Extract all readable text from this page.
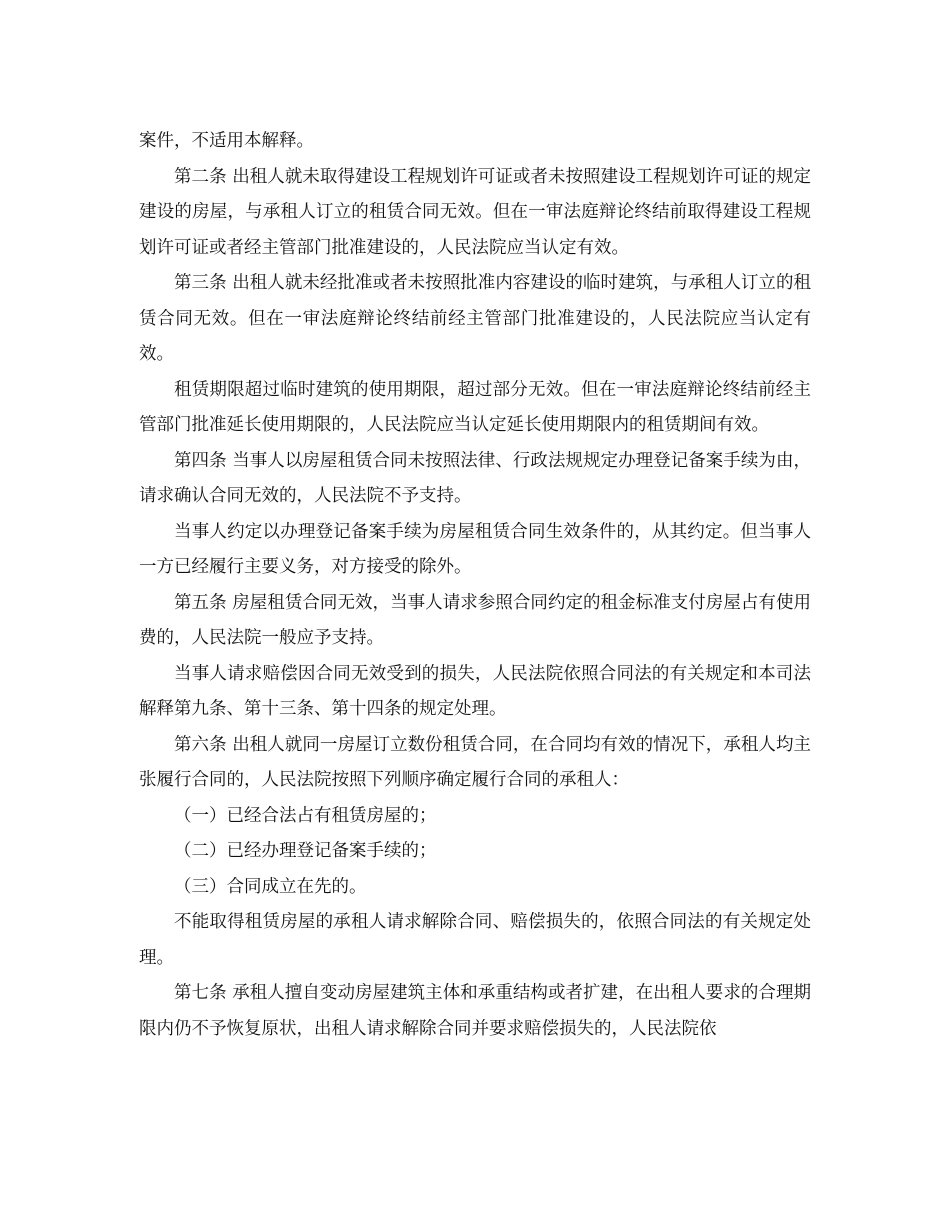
案件，不适用本解释。

第二条 出租人就未取得建设工程规划许可证或者未按照建设工程规划许可证的规定建设的房屋，与承租人订立的租赁合同无效。但在一审法庭辩论终结前取得建设工程规划许可证或者经主管部门批准建设的，人民法院应当认定有效。

第三条 出租人就未经批准或者未按照批准内容建设的临时建筑，与承租人订立的租赁合同无效。但在一审法庭辩论终结前经主管部门批准建设的，人民法院应当认定有效。

租赁期限超过临时建筑的使用期限，超过部分无效。但在一审法庭辩论终结前经主管部门批准延长使用期限的，人民法院应当认定延长使用期限内的租赁期间有效。

第四条 当事人以房屋租赁合同未按照法律、行政法规规定办理登记备案手续为由，请求确认合同无效的，人民法院不予支持。

当事人约定以办理登记备案手续为房屋租赁合同生效条件的，从其约定。但当事人一方已经履行主要义务，对方接受的除外。

第五条 房屋租赁合同无效，当事人请求参照合同约定的租金标准支付房屋占有使用费的，人民法院一般应予支持。

当事人请求赔偿因合同无效受到的损失，人民法院依照合同法的有关规定和本司法解释第九条、第十三条、第十四条的规定处理。

第六条 出租人就同一房屋订立数份租赁合同，在合同均有效的情况下，承租人均主张履行合同的，人民法院按照下列顺序确定履行合同的承租人：

（一）已经合法占有租赁房屋的；

（二）已经办理登记备案手续的；

（三）合同成立在先的。

不能取得租赁房屋的承租人请求解除合同、赔偿损失的，依照合同法的有关规定处理。

第七条 承租人擅自变动房屋建筑主体和承重结构或者扩建，在出租人要求的合理期限内仍不予恢复原状，出租人请求解除合同并要求赔偿损失的，人民法院依
